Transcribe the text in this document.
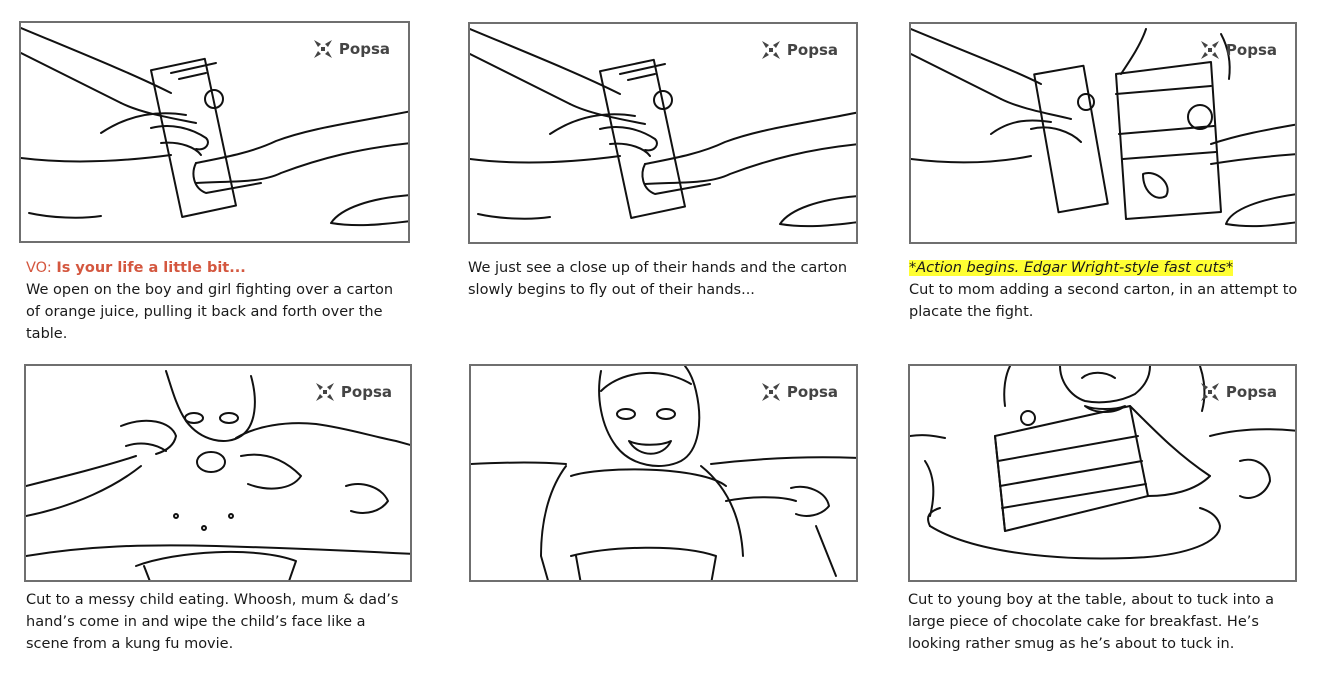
Popsa

VO: Is your life a little bit...

We open on the boy and girl fighting over a carton of orange juice, pulling it back and forth over the table.

Popsa

We just see a close up of their hands and the carton slowly begins to fly out of their hands...

Popsa

*Action begins. Edgar Wright-style fast cuts*

Cut to mom adding a second carton, in an attempt to placate the fight.

Popsa

Cut to a messy child eating. Whoosh, mum & dad’s hand’s come in and wipe the child’s face like a scene from a kung fu movie.

Popsa	Popsa

Cut to young boy at the table, about to tuck into a large piece of chocolate cake for breakfast. He’s looking rather smug as he’s about to tuck in.
